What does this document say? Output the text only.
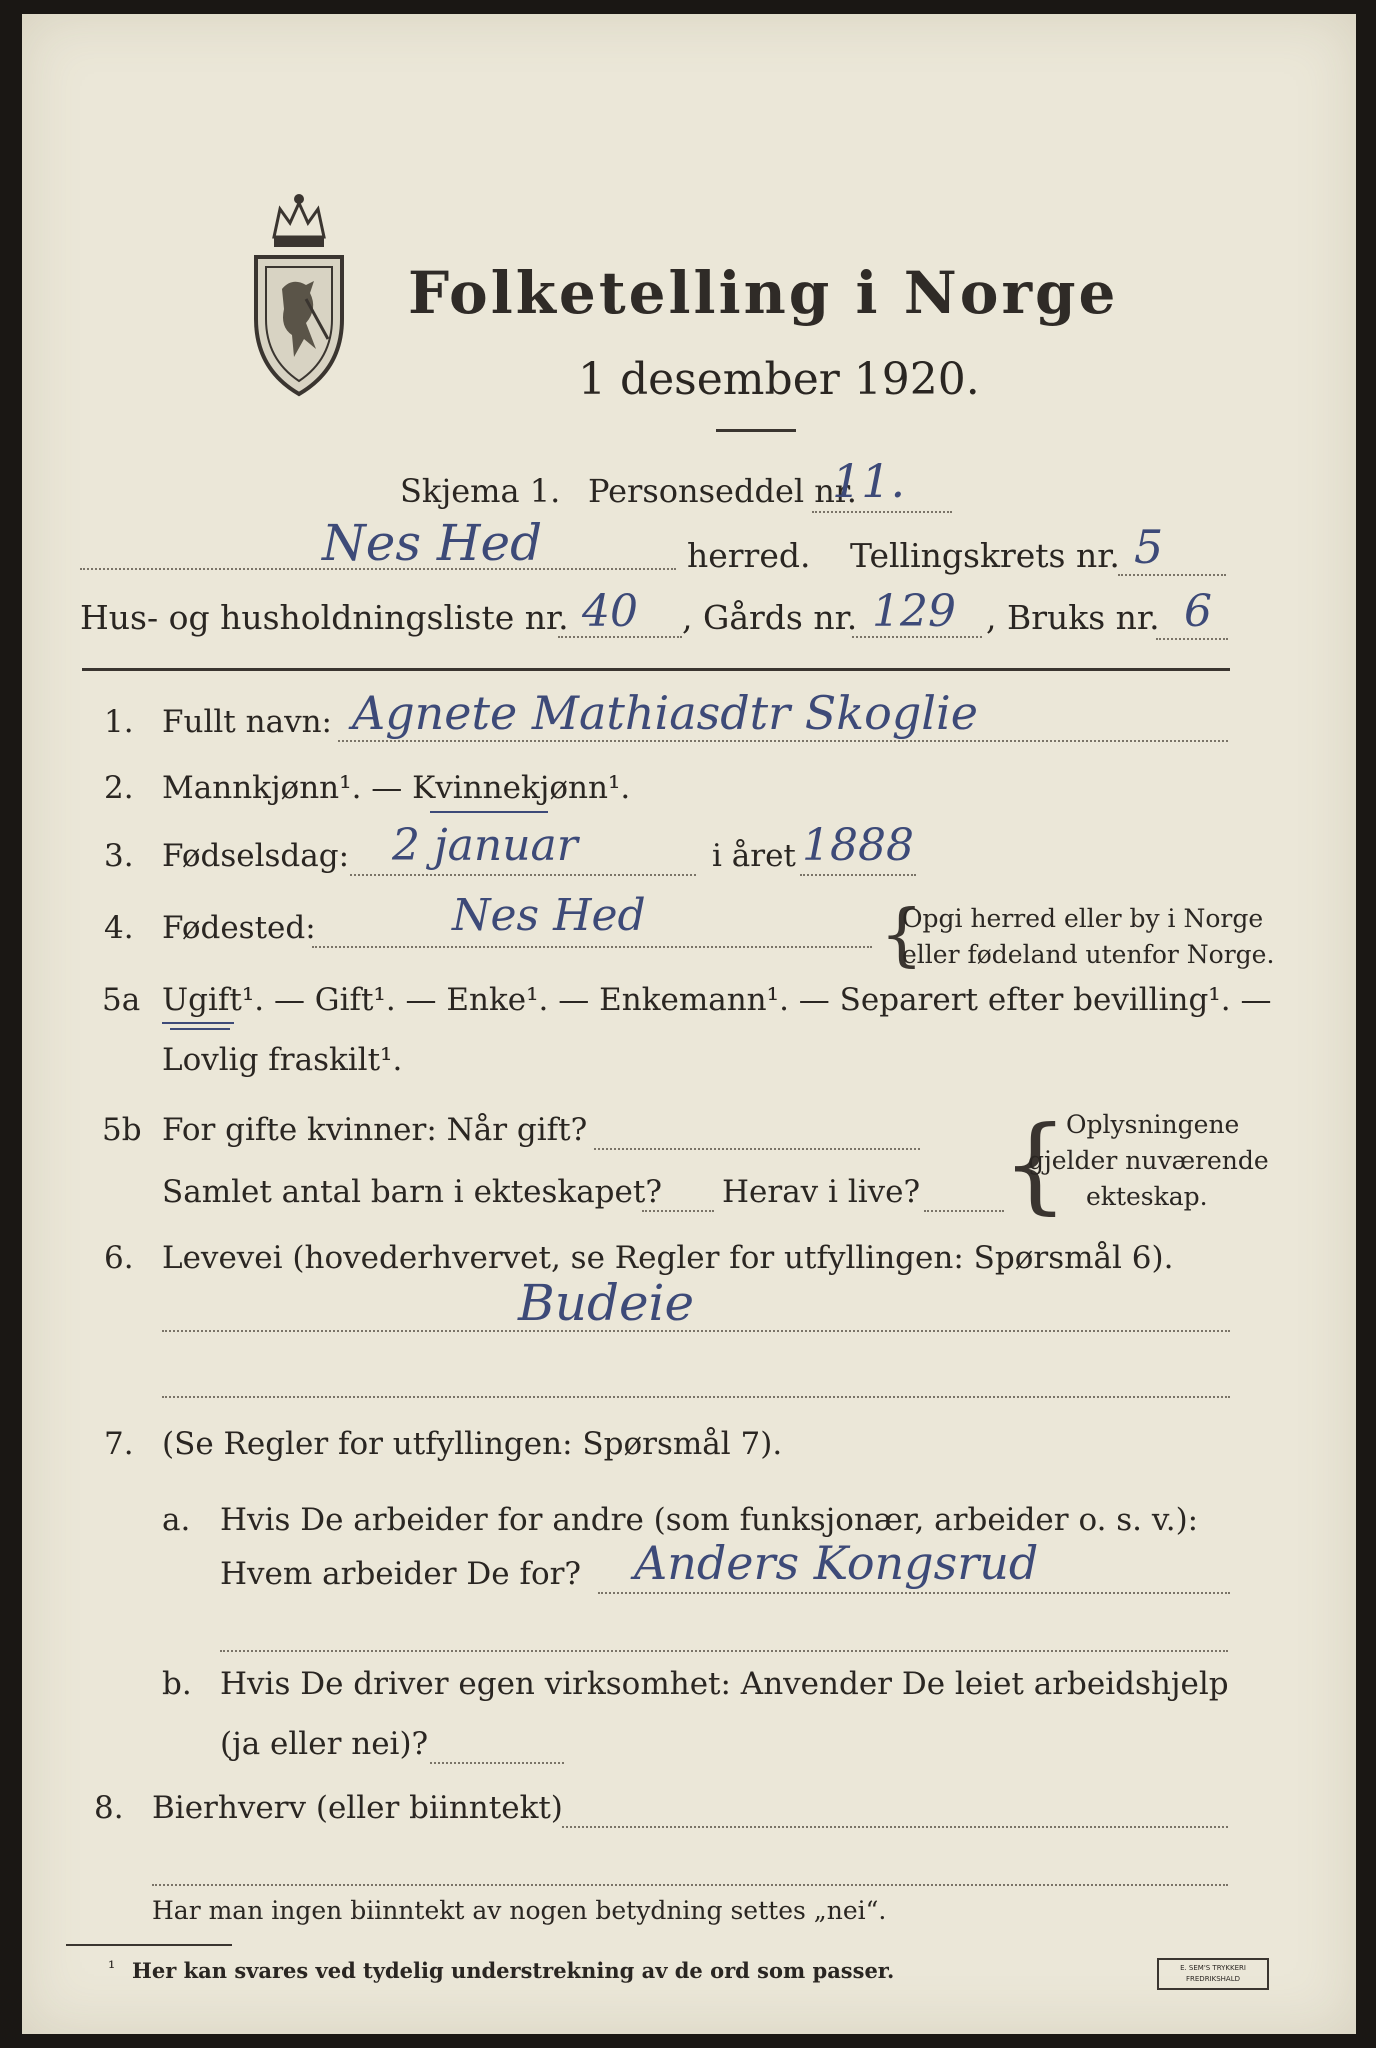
Folketelling i Norge
1 desember 1920.
Skjema 1. Personseddel nr.
11.
Nes Hed	herred. Tellingskrets nr. 5
Hus- og husholdningsliste nr. 40 , Gårds nr. 129 , Bruks nr. 6
1. Fullt navn: Agnete Mathiasdtr Skoglie
2. Mannkjønn¹. — Kvinnekjønn¹.
3. Fødselsdag: 2 januar	i året 1888
4. Fødested:	Nes Hed	{
Opgi herred eller by i Norge
eller fødeland utenfor Norge.
5a Ugift¹. — Gift¹. — Enke¹. — Enkemann¹. — Separert efter bevilling¹. —
Lovlig fraskilt¹.
5b For gifte kvinner: Når gift?
Samlet antal barn i ekteskapet? Herav i live? {
Oplysningene
gjelder nuværende
ekteskap.
6. Levevei (hovederhvervet, se Regler for utfyllingen: Spørsmål 6).
Budeie
7. (Se Regler for utfyllingen: Spørsmål 7).
a. Hvis De arbeider for andre (som funksjonær, arbeider o. s. v.):
Hvem arbeider De for? Anders Kongsrud
b. Hvis De driver egen virksomhet: Anvender De leiet arbeidshjelp
(ja eller nei)?
8. Bierhverv (eller biinntekt)
Har man ingen biinntekt av nogen betydning settes „nei“.
¹ Her kan svares ved tydelig understrekning av de ord som passer.	E. SEM'S TRYKKERI
FREDRIKSHALD
